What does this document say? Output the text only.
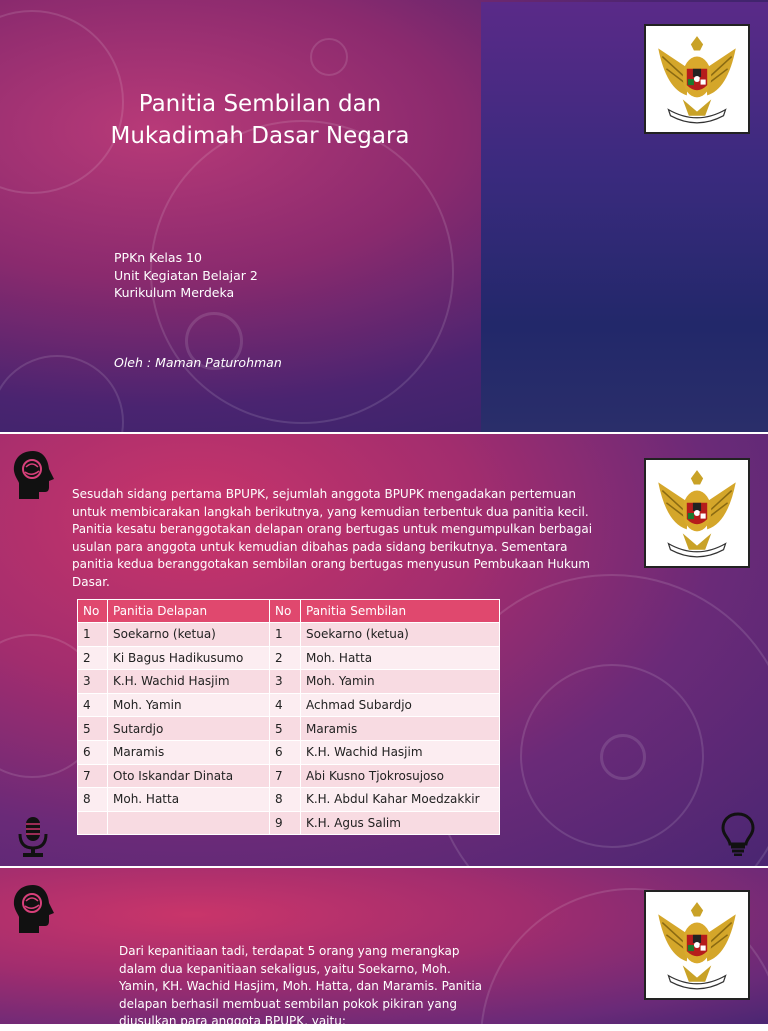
Panitia Sembilan dan
Mukadimah Dasar Negara
PPKn Kelas 10
Unit Kegiatan Belajar 2
Kurikulum Merdeka
Oleh : Maman Paturohman
Sesudah sidang pertama BPUPK, sejumlah anggota BPUPK mengadakan pertemuan untuk membicarakan langkah berikutnya, yang kemudian terbentuk dua panitia kecil. Panitia kesatu beranggotakan delapan orang bertugas untuk mengumpulkan berbagai usulan para anggota untuk kemudian dibahas pada sidang berikutnya. Sementara panitia kedua beranggotakan sembilan orang bertugas menyusun Pembukaan Hukum Dasar.
No	Panitia Delapan	No	Panitia Sembilan
1	Soekarno (ketua)	1	Soekarno (ketua)
2	Ki Bagus Hadikusumo	2	Moh. Hatta
3	K.H. Wachid Hasjim	3	Moh. Yamin
4	Moh. Yamin	4	Achmad Subardjo
5	Sutardjo	5	Maramis
6	Maramis	6	K.H. Wachid Hasjim
7	Oto Iskandar Dinata	7	Abi Kusno Tjokrosujoso
8	Moh. Hatta	8	K.H. Abdul Kahar Moedzakkir
		9	K.H. Agus Salim
Dari kepanitiaan tadi, terdapat 5 orang yang merangkap dalam dua kepanitiaan sekaligus, yaitu Soekarno, Moh. Yamin, KH. Wachid Hasjim, Moh. Hatta, dan Maramis. Panitia delapan berhasil membuat sembilan pokok pikiran yang diusulkan para anggota BPUPK, yaitu:
